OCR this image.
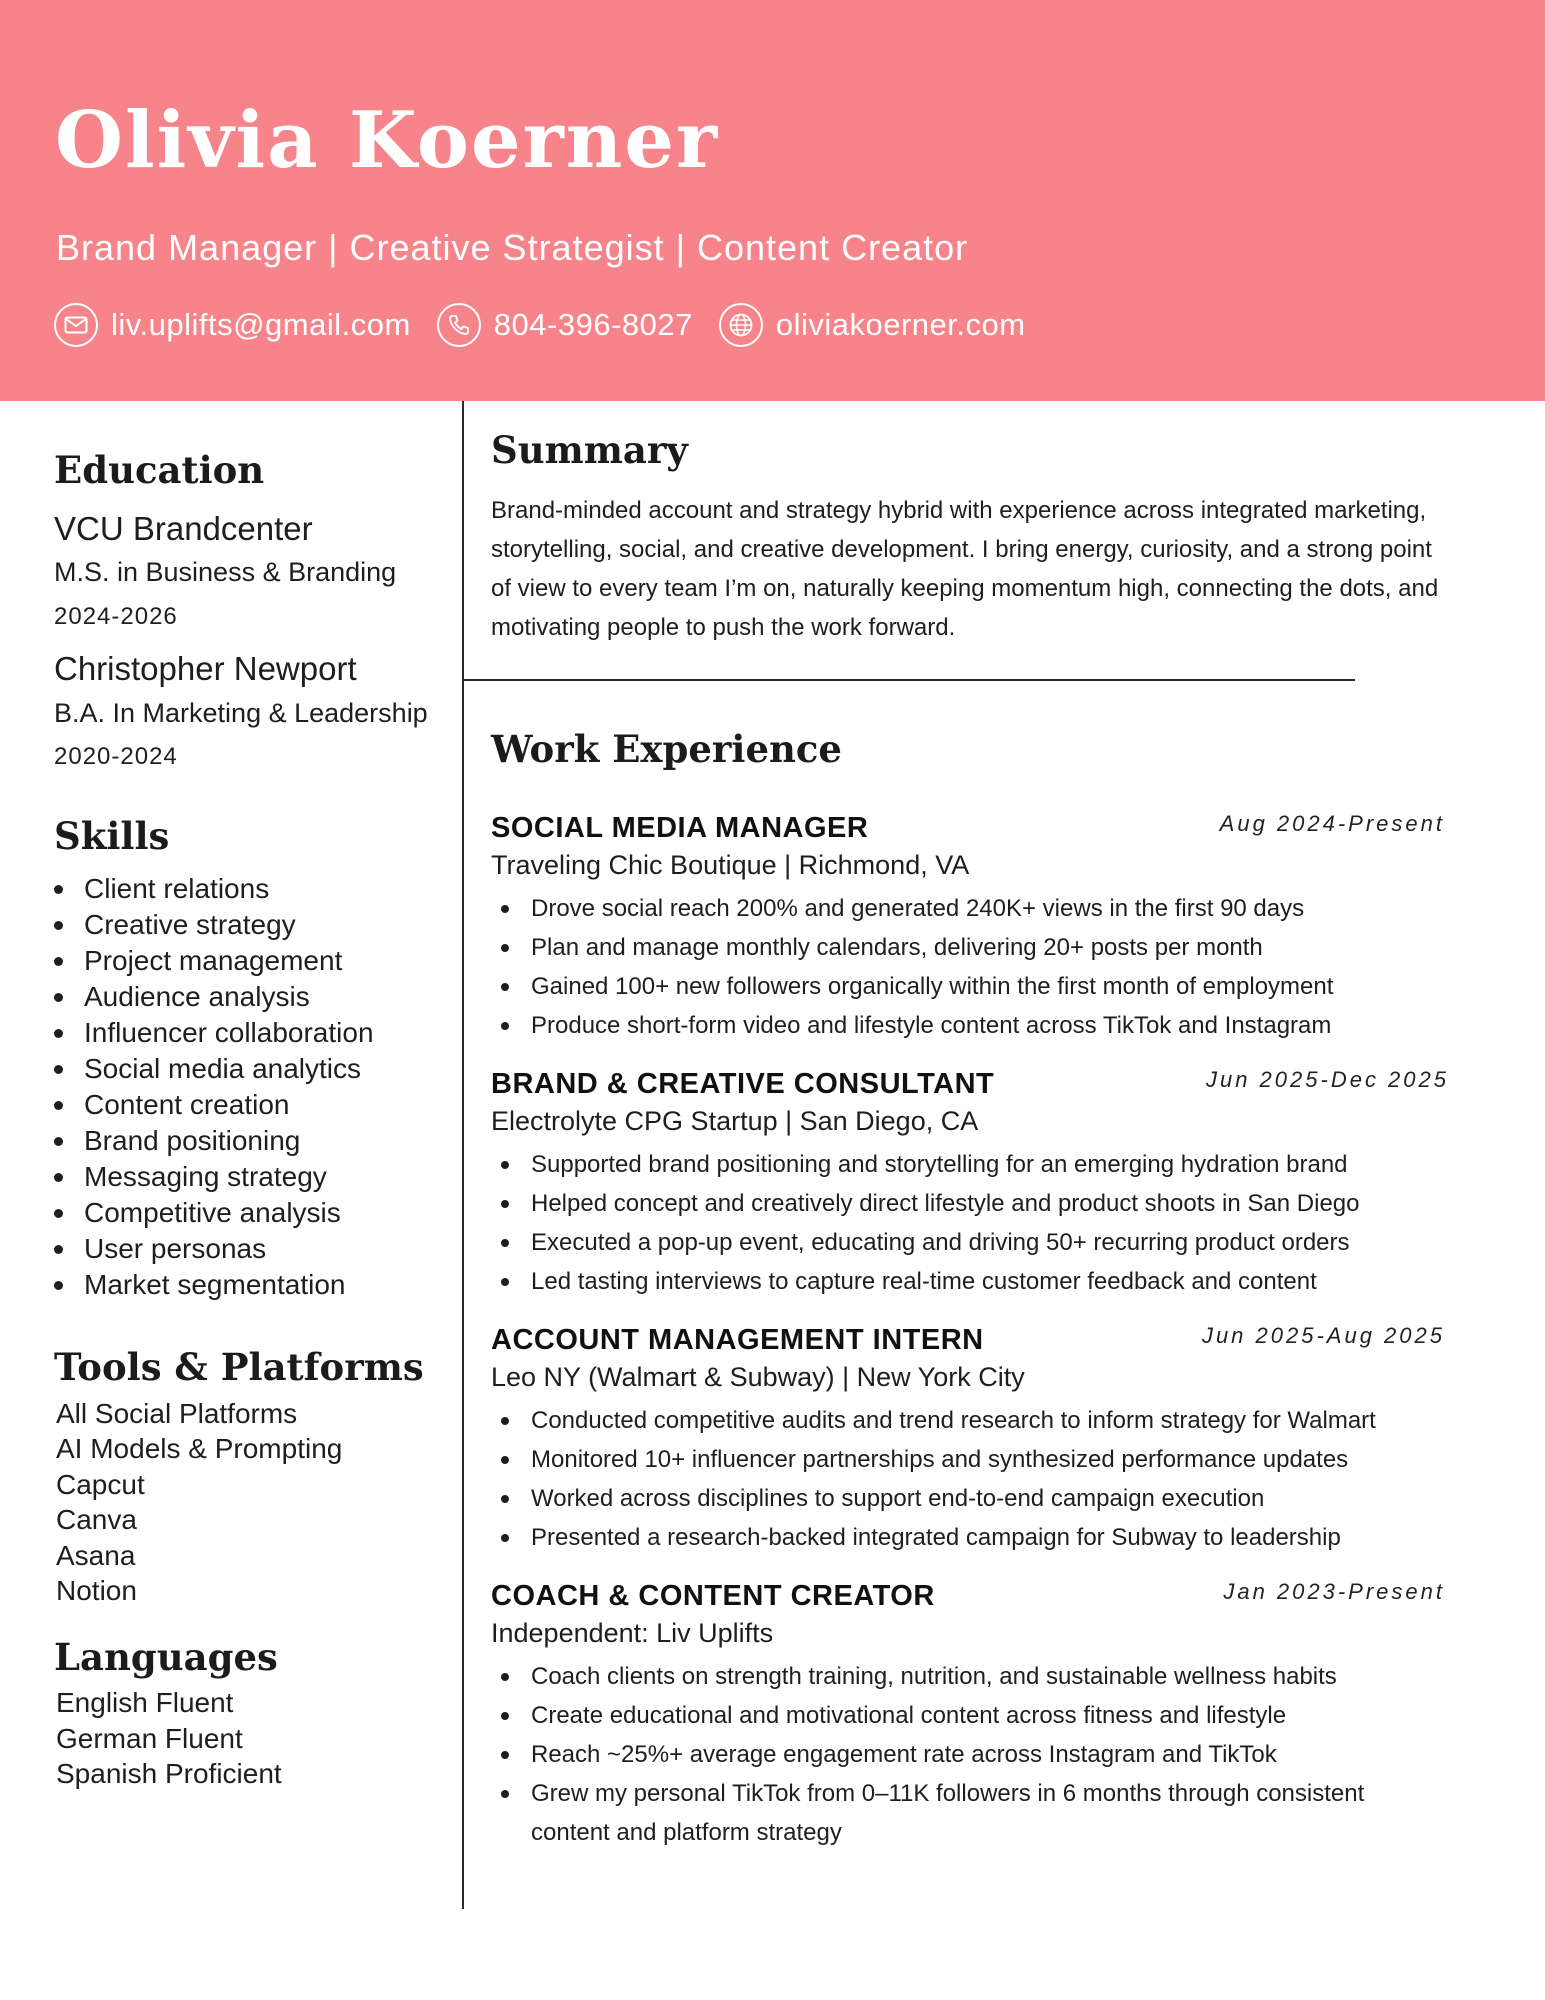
Olivia Koerner
Brand Manager | Creative Strategist | Content Creator
liv.uplifts@gmail.com	804-396-8027	oliviakoerner.com
Education
VCU Brandcenter
M.S. in Business & Branding
2024-2026
Christopher Newport
B.A. In Marketing & Leadership
2020-2024
Skills
Client relations
Creative strategy
Project management
Audience analysis
Influencer collaboration
Social media analytics
Content creation
Brand positioning
Messaging strategy
Competitive analysis
User personas
Market segmentation
Tools & Platforms
All Social Platforms
AI Models & Prompting
Capcut
Canva
Asana
Notion
Languages
English Fluent
German Fluent
Spanish Proficient
Summary

Brand-minded account and strategy hybrid with experience across integrated marketing, storytelling, social, and creative development. I bring energy, curiosity, and a strong point of view to every team I’m on, naturally keeping momentum high, connecting the dots, and motivating people to push the work forward.

Work Experience
SOCIAL MEDIA MANAGER	Aug 2024-Present
Traveling Chic Boutique | Richmond, VA
Drove social reach 200% and generated 240K+ views in the first 90 days
Plan and manage monthly calendars, delivering 20+ posts per month
Gained 100+ new followers organically within the first month of employment
Produce short-form video and lifestyle content across TikTok and Instagram
BRAND & CREATIVE CONSULTANT	Jun 2025-Dec 2025
Electrolyte CPG Startup | San Diego, CA
Supported brand positioning and storytelling for an emerging hydration brand
Helped concept and creatively direct lifestyle and product shoots in San Diego
Executed a pop-up event, educating and driving 50+ recurring product orders
Led tasting interviews to capture real-time customer feedback and content
ACCOUNT MANAGEMENT INTERN	Jun 2025-Aug 2025
Leo NY (Walmart & Subway) | New York City
Conducted competitive audits and trend research to inform strategy for Walmart
Monitored 10+ influencer partnerships and synthesized performance updates
Worked across disciplines to support end-to-end campaign execution
Presented a research-backed integrated campaign for Subway to leadership
COACH & CONTENT CREATOR	Jan 2023-Present
Independent: Liv Uplifts
Coach clients on strength training, nutrition, and sustainable wellness habits
Create educational and motivational content across fitness and lifestyle
Reach ~25%+ average engagement rate across Instagram and TikTok
Grew my personal TikTok from 0–11K followers in 6 months through consistent content and platform strategy
